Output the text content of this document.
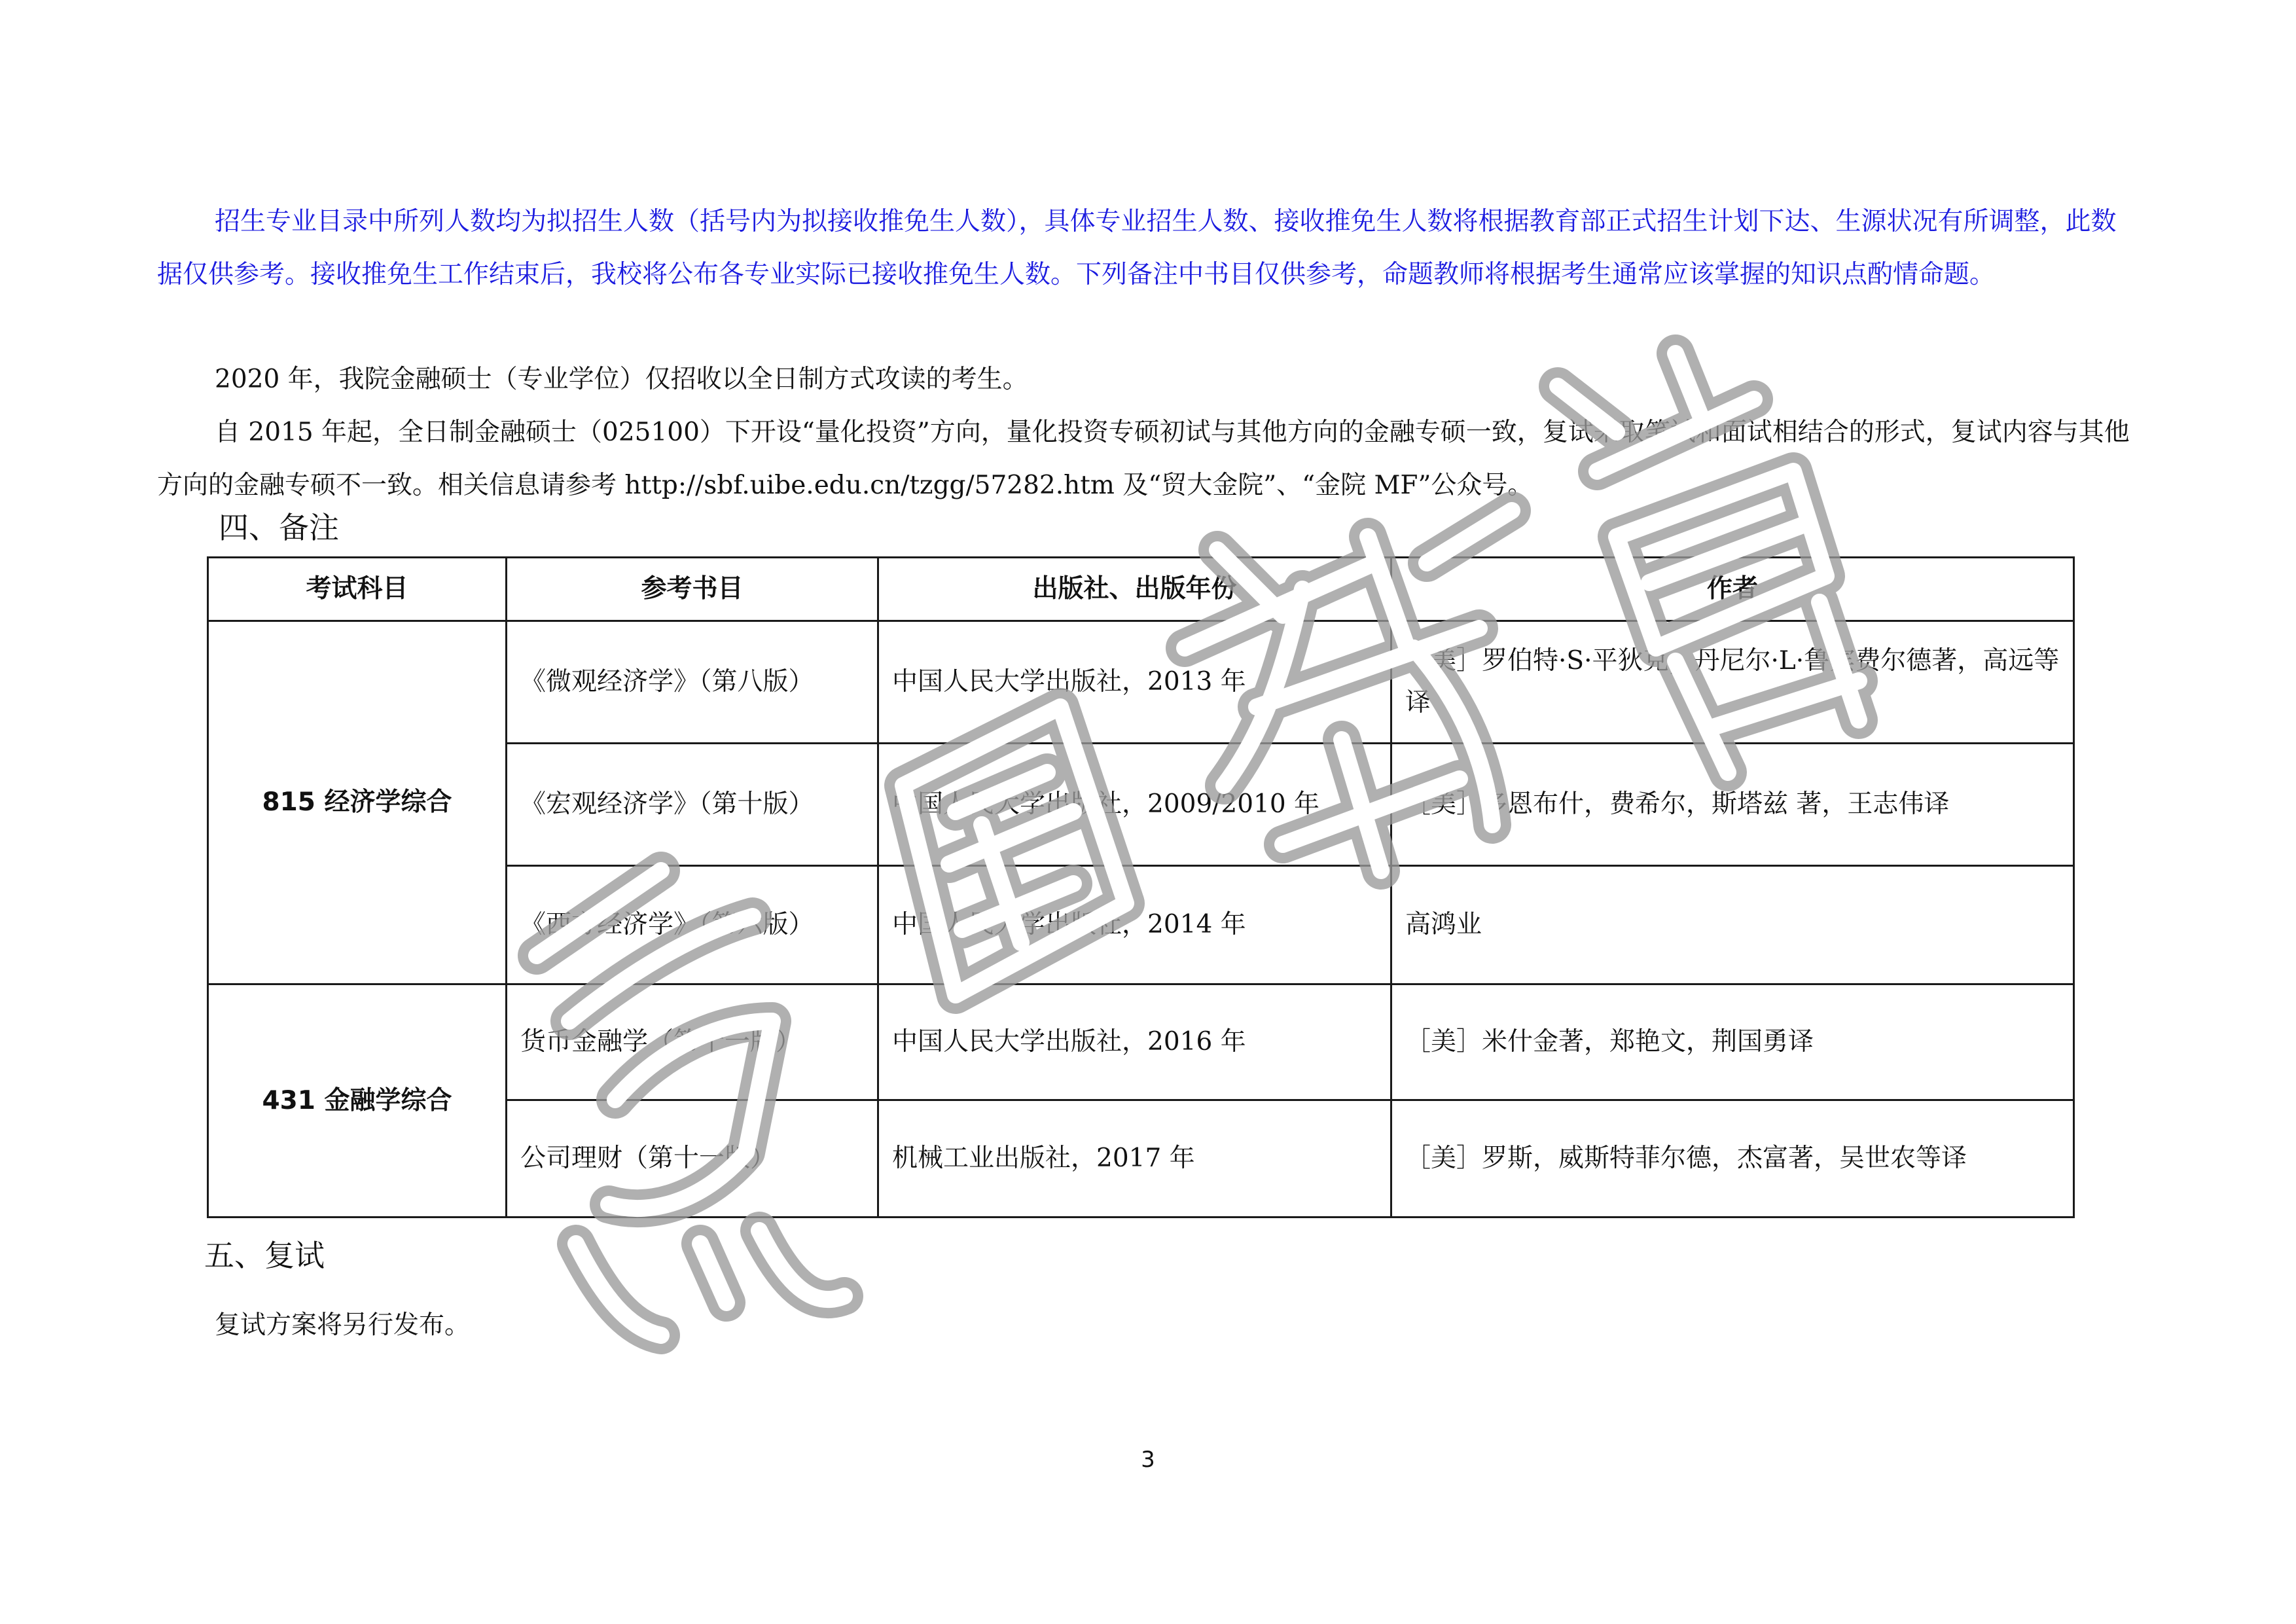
招生专业目录中所列人数均为拟招生人数（括号内为拟接收推免生人数），具体专业招生人数、接收推免生人数将根据教育部正式招生计划下达、生源状况有所调整，此数据仅供参考。接收推免生工作结束后，我校将公布各专业实际已接收推免生人数。下列备注中书目仅供参考，命题教师将根据考生通常应该掌握的知识点酌情命题。

2020 年，我院金融硕士（专业学位）仅招收以全日制方式攻读的考生。

自 2015 年起，全日制金融硕士（025100）下开设“量化投资”方向，量化投资专硕初试与其他方向的金融专硕一致，复试采取笔试和面试相结合的形式，复试内容与其他方向的金融专硕不一致。相关信息请参考 http://sbf.uibe.edu.cn/tzgg/57282.htm 及“贸大金院”、“金院 MF”公众号。

四、备注
考试科目	参考书目	出版社、出版年份	作者
815 经济学综合	《微观经济学》（第八版）	中国人民大学出版社，2013 年	［美］罗伯特·S·平狄克，丹尼尔·L·鲁宾费尔德著，高远等译
	《宏观经济学》（第十版）	中国人民大学出版社，2009/2010 年	［美］多恩布什，费希尔，斯塔兹 著，王志伟译
	《西方经济学》（第六版）	中国人民大学出版社，2014 年	高鸿业
431 金融学综合	货币金融学（第十一版）	中国人民大学出版社，2016 年	［美］米什金著，郑艳文，荆国勇译
	公司理财（第十一版）	机械工业出版社，2017 年	［美］罗斯，威斯特菲尔德，杰富著，吴世农等译
五、复试

复试方案将另行发布。

3
